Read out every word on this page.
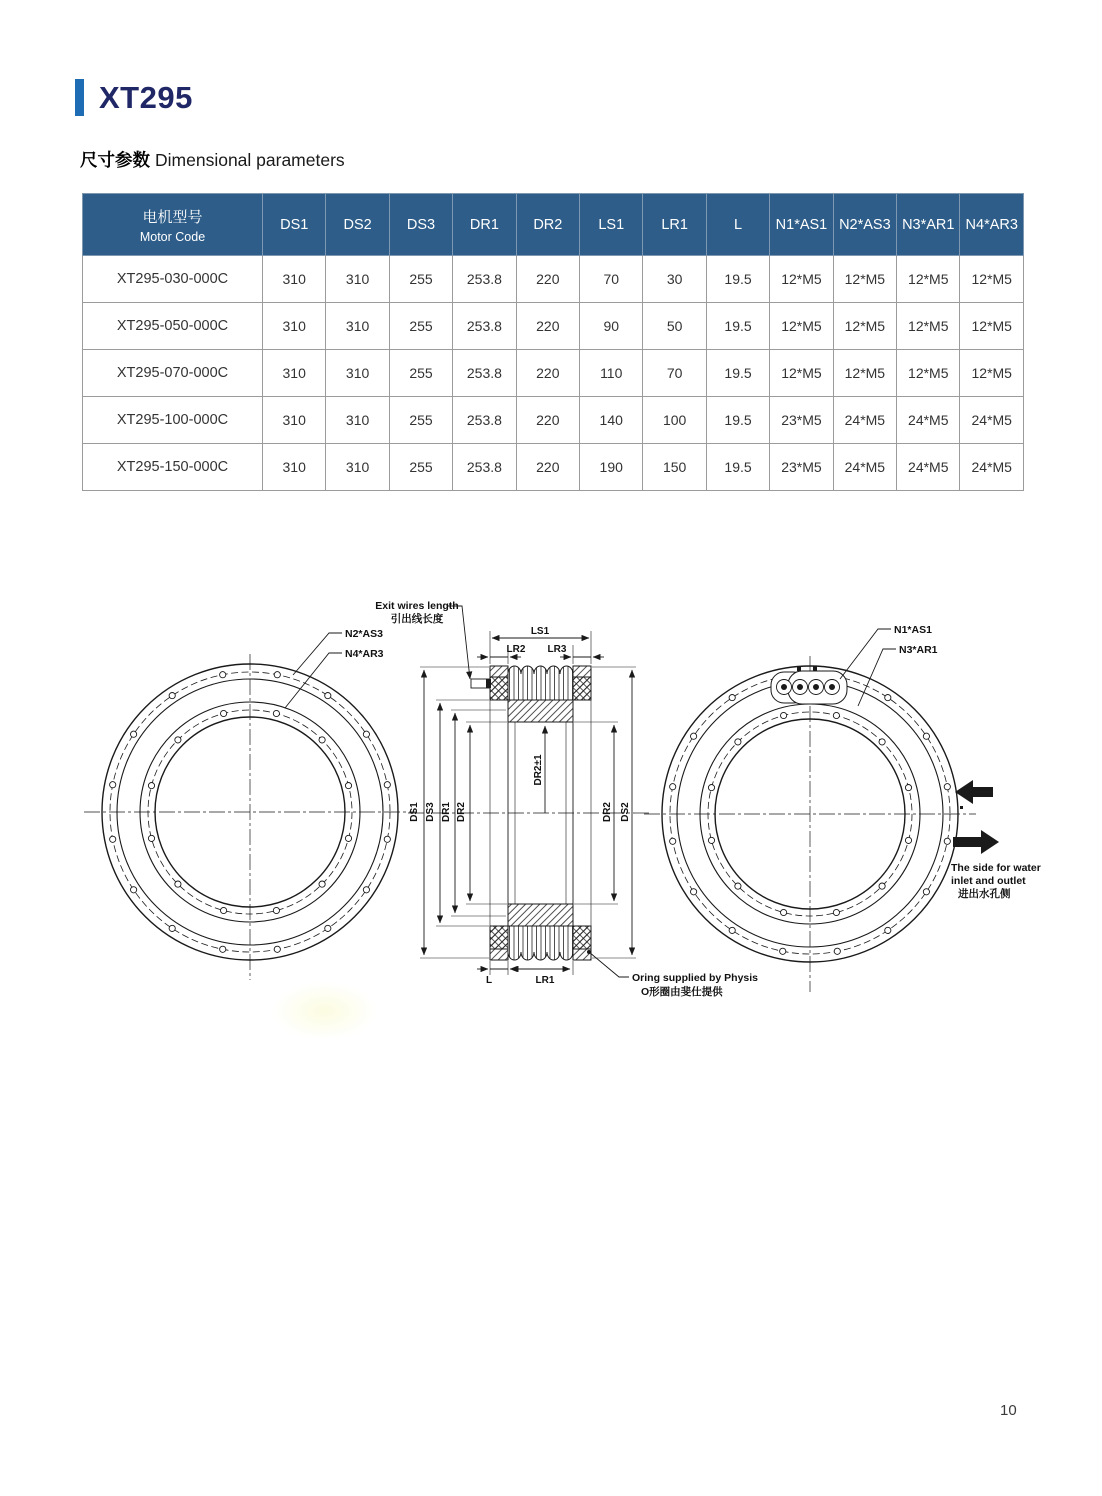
XT295
尺寸参数 Dimensional parameters
电机型号
Motor Code	DS1	DS2	DS3	DR1	DR2	LS1	LR1	L	N1*AS1	N2*AS3	N3*AR1	N4*AR3
XT295-030-000C	310	310	255	253.8	220	70	30	19.5	12*M5	12*M5	12*M5	12*M5
XT295-050-000C	310	310	255	253.8	220	90	50	19.5	12*M5	12*M5	12*M5	12*M5
XT295-070-000C	310	310	255	253.8	220	110	70	19.5	12*M5	12*M5	12*M5	12*M5
XT295-100-000C	310	310	255	253.8	220	140	100	19.5	23*M5	24*M5	24*M5	24*M5
XT295-150-000C	310	310	255	253.8	220	190	150	19.5	23*M5	24*M5	24*M5	24*M5
N2*AS3
N4*AR3
LS1
LR2 LR3
DS1 DS3 DR1 DR2
DR2±1
DR2 DS2
L	LR1
Exit wires length
引出线长度
Oring supplied by Physis
O形圈由斐仕提供
N1*AS1
N3*AR1
The side for water
inlet and outlet
进出水孔侧
10
